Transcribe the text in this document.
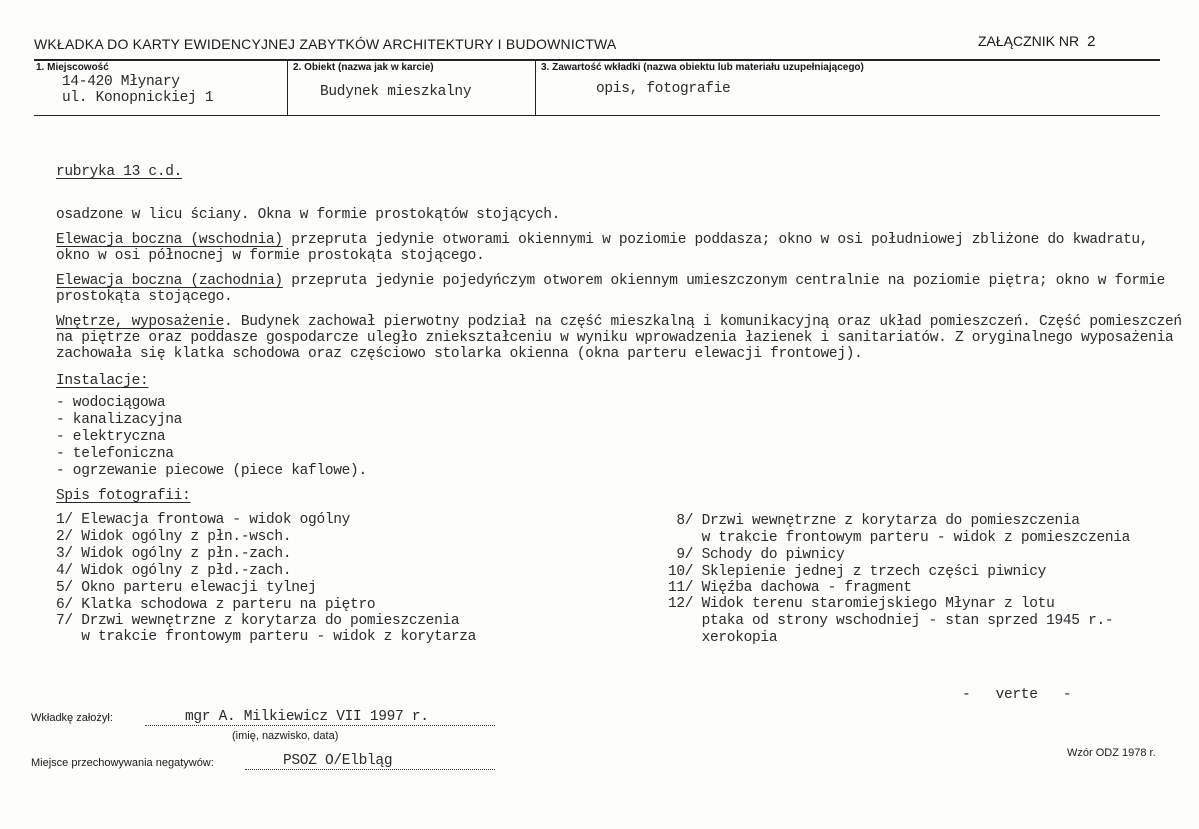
WKŁADKA DO KARTY EWIDENCYJNEJ ZABYTKÓW ARCHITEKTURY I BUDOWNICTWA	ZAŁĄCZNIK NR 2
1. Miejscowość
14-420 Młynary
ul. Konopnickiej 1
2. Obiekt (nazwa jak w karcie)
Budynek mieszkalny
3. Zawartość wkładki (nazwa obiektu lub materiału uzupełniającego)
opis, fotografie
rubryka 13 c.d.
osadzone w licu ściany. Okna w formie prostokątów stojących.
Elewacja boczna (wschodnia) przepruta jedynie otworami okiennymi w poziomie poddasza; okno w osi południowej zbliżone do kwadratu,
okno w osi północnej w formie prostokąta stojącego.
Elewacja boczna (zachodnia) przepruta jedynie pojedyńczym otworem okiennym umieszczonym centralnie na poziomie piętra; okno w formie
prostokąta stojącego.
Wnętrze, wyposażenie. Budynek zachował pierwotny podział na część mieszkalną i komunikacyjną oraz układ pomieszczeń. Część pomieszczeń
na piętrze oraz poddasze gospodarcze uległo zniekształceniu w wyniku wprowadzenia łazienek i sanitariatów. Z oryginalnego wyposażenia
zachowała się klatka schodowa oraz częściowo stolarka okienna (okna parteru elewacji frontowej).
Instalacje:
- wodociągowa
- kanalizacyjna
- elektryczna
- telefoniczna
- ogrzewanie piecowe (piece kaflowe).
Spis fotografii:
1/ Elewacja frontowa - widok ogólny
2/ Widok ogólny z płn.-wsch.
3/ Widok ogólny z płn.-zach.
4/ Widok ogólny z płd.-zach.
5/ Okno parteru elewacji tylnej
6/ Klatka schodowa z parteru na piętro
7/ Drzwi wewnętrzne z korytarza do pomieszczenia
w trakcie frontowym parteru - widok z korytarza
8/ Drzwi wewnętrzne z korytarza do pomieszczenia
w trakcie frontowym parteru - widok z pomieszczenia
9/ Schody do piwnicy
10/ Sklepienie jednej z trzech części piwnicy
11/ Więźba dachowa - fragment
12/ Widok terenu staromiejskiego Młynar z lotu
ptaka od strony wschodniej - stan sprzed 1945 r.-
xerokopia
-   verte   -
Wkładkę założył:	mgr A. Milkiewicz VII 1997 r.
(imię, nazwisko, data)
Miejsce przechowywania negatywów:	PSOZ O/Elbląg	Wzór ODZ 1978 r.
